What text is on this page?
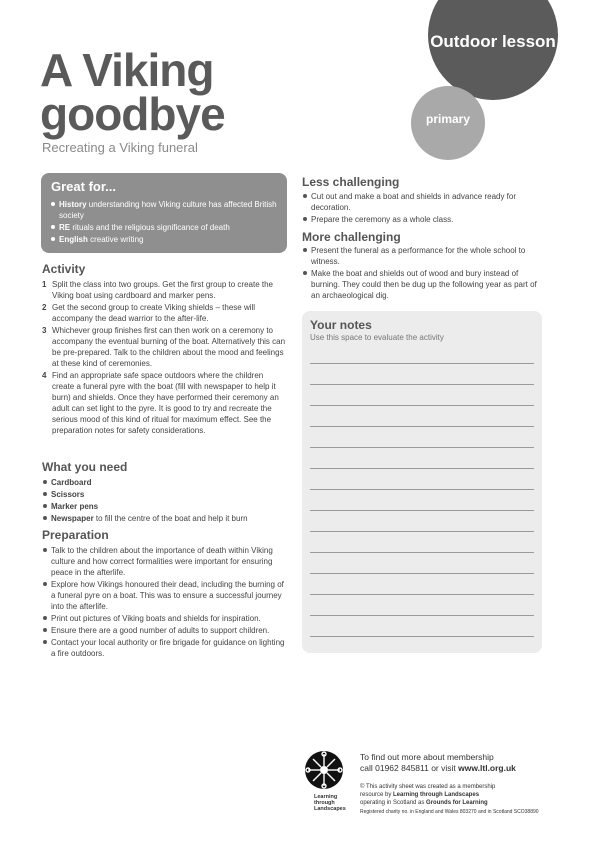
A Viking
goodbye
Recreating a Viking funeral
Outdoor lesson
primary
Great for...
History understanding how Viking culture has affected British society
RE rituals and the religious significance of death
English creative writing
Activity
1 Split the class into two groups. Get the first group to create the Viking boat using cardboard and marker pens.
2 Get the second group to create Viking shields – these will accompany the dead warrior to the after-life.
3 Whichever group finishes first can then work on a ceremony to accompany the eventual burning of the boat. Alternatively this can be pre-prepared. Talk to the children about the mood and feelings at these kind of ceremonies.
4 Find an appropriate safe space outdoors where the children create a funeral pyre with the boat (fill with newspaper to help it burn) and shields. Once they have performed their ceremony an adult can set light to the pyre. It is good to try and recreate the serious mood of this kind of ritual for maximum effect. See the preparation notes for safety considerations.
What you need
Cardboard
Scissors
Marker pens
Newspaper to fill the centre of the boat and help it burn
Preparation
Talk to the children about the importance of death within Viking culture and how correct formalities were important for ensuring peace in the afterlife.
Explore how Vikings honoured their dead, including the burning of a funeral pyre on a boat. This was to ensure a successful journey into the afterlife.
Print out pictures of Viking boats and shields for inspiration.
Ensure there are a good number of adults to support children.
Contact your local authority or fire brigade for guidance on lighting a fire outdoors.
Less challenging
Cut out and make a boat and shields in advance ready for decoration.
Prepare the ceremony as a whole class.
More challenging
Present the funeral as a performance for the whole school to witness.
Make the boat and shields out of wood and bury instead of burning. They could then be dug up the following year as part of an archaeological dig.
Your notes
Use this space to evaluate the activity
Learning through Landscapes
To find out more about membership
call 01962 845811 or visit www.ltl.org.uk
© This activity sheet was created as a membership
resource by Learning through Landscapes
operating in Scotland as Grounds for Learning
Registered charity no. in England and Wales 803270 and in Scotland SCO38890
